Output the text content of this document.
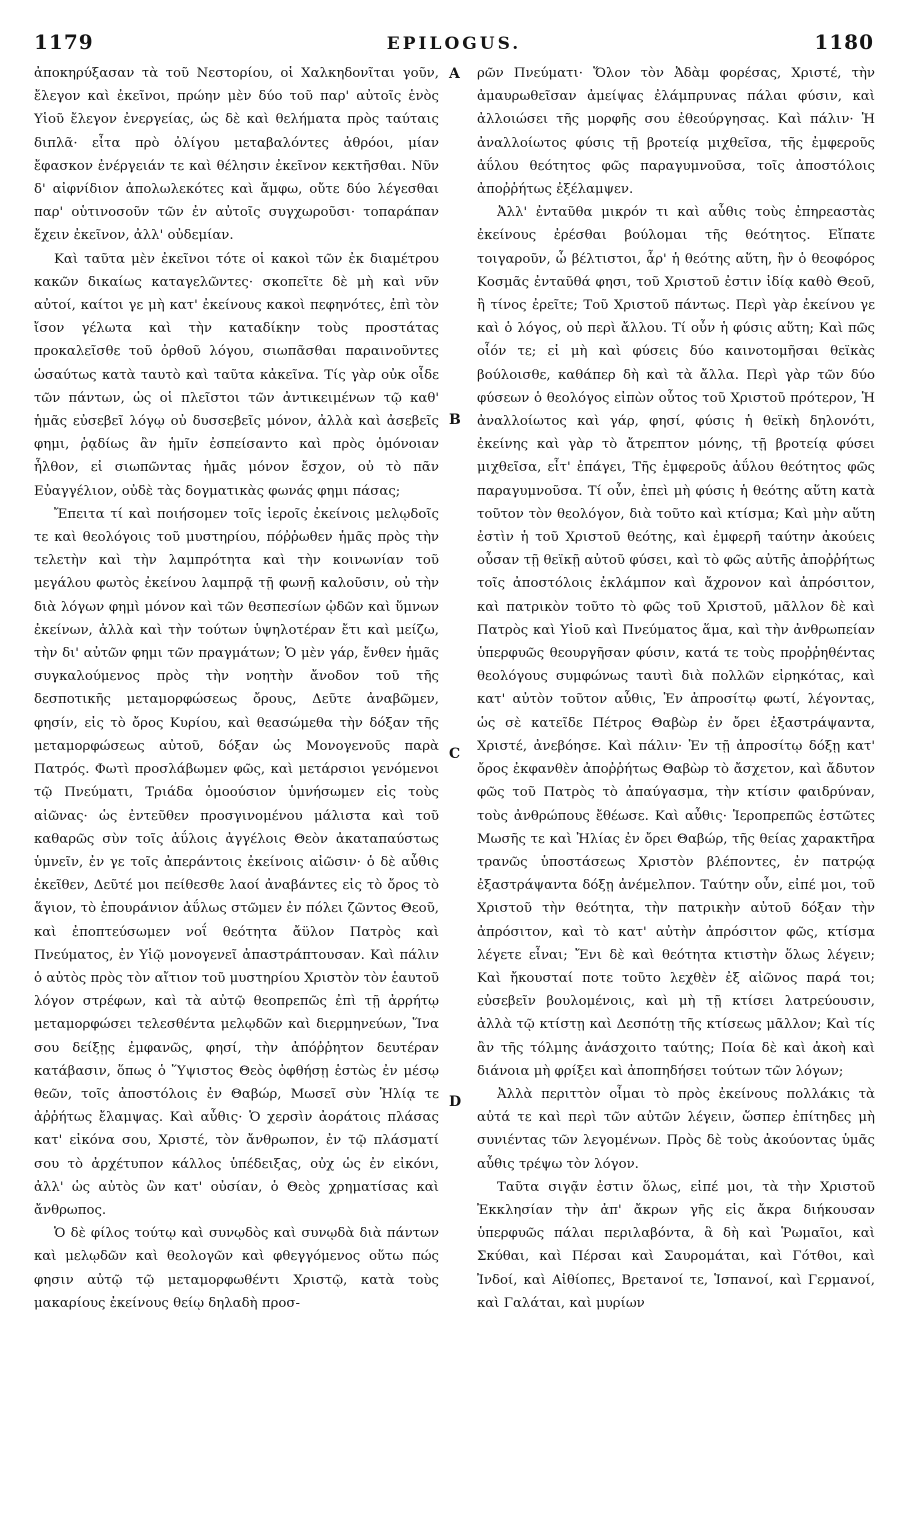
1179	EPILOGUS.	1180

ἀποκηρύξασαν τὰ τοῦ Νεστορίου, οἱ Χαλκηδονῖται γοῦν, ἔλεγον καὶ ἐκεῖνοι, πρώην μὲν δύο τοῦ παρ' αὐτοῖς ἑνὸς Υἱοῦ ἔλεγον ἐνεργείας, ὡς δὲ καὶ θελήματα πρὸς ταύταις διπλᾶ· εἶτα πρὸ ὀλίγου μεταβαλόντες ἀθρόοι, μίαν ἔφασκον ἐνέργειάν τε καὶ θέλησιν ἐκεῖνον κεκτῆσθαι. Νῦν δ' αἰφνίδιον ἀπολωλεκότες καὶ ἄμφω, οὔτε δύο λέγεσθαι παρ' οὑτινοσοῦν τῶν ἐν αὐτοῖς συγχωροῦσι· τοπαράπαν ἔχειν ἐκεῖνον, ἀλλ' οὐδεμίαν.

Καὶ ταῦτα μὲν ἐκεῖνοι τότε οἱ κακοὶ τῶν ἐκ διαμέτρου κακῶν δικαίως καταγελῶντες· σκοπεῖτε δὲ μὴ καὶ νῦν αὐτοί, καίτοι γε μὴ κατ' ἐκείνους κακοὶ πεφηνότες, ἐπὶ τὸν ἴσον γέλωτα καὶ τὴν καταδίκην τοὺς προστάτας προκαλεῖσθε τοῦ ὀρθοῦ λόγου, σιωπᾶσθαι παραινοῦντες ὡσαύτως κατὰ ταυτὸ καὶ ταῦτα κἀκεῖνα. Τίς γὰρ οὐκ οἶδε τῶν πάντων, ὡς οἱ πλεῖστοι τῶν ἀντικειμένων τῷ καθ' ἡμᾶς εὐσεβεῖ λόγῳ οὐ δυσσεβεῖς μόνον, ἀλλὰ καὶ ἀσεβεῖς φημι, ῥᾳδίως ἂν ἡμῖν ἐσπείσαντο καὶ πρὸς ὁμόνοιαν ἧλθον, εἰ σιωπῶντας ἡμᾶς μόνον ἔσχον, οὐ τὸ πᾶν Εὐαγγέλιον, οὐδὲ τὰς δογματικὰς φωνάς φημι πάσας;

Ἔπειτα τί καὶ ποιήσομεν τοῖς ἱεροῖς ἐκείνοις μελῳδοῖς τε καὶ θεολόγοις τοῦ μυστηρίου, πόῤῥωθεν ἡμᾶς πρὸς τὴν τελετὴν καὶ τὴν λαμπρότητα καὶ τὴν κοινωνίαν τοῦ μεγάλου φωτὸς ἐκείνου λαμπρᾷ τῇ φωνῇ καλοῦσιν, οὐ τὴν διὰ λόγων φημὶ μόνον καὶ τῶν θεσπεσίων ᾠδῶν καὶ ὕμνων ἐκείνων, ἀλλὰ καὶ τὴν τούτων ὑψηλοτέραν ἔτι καὶ μείζω, τὴν δι' αὐτῶν φημι τῶν πραγμάτων; Ὁ μὲν γάρ, ἔνθεν ἡμᾶς συγκαλούμενος πρὸς τὴν νοητὴν ἄνοδον τοῦ τῆς δεσποτικῆς μεταμορφώσεως ὄρους, Δεῦτε ἀναβῶμεν, φησίν, εἰς τὸ ὄρος Κυρίου, καὶ θεασώμεθα τὴν δόξαν τῆς μεταμορφώσεως αὐτοῦ, δόξαν ὡς Μονογενοῦς παρὰ Πατρός. Φωτὶ προσλάβωμεν φῶς, καὶ μετάρσιοι γενόμενοι τῷ Πνεύματι, Τριάδα ὁμοούσιον ὑμνήσωμεν εἰς τοὺς αἰῶνας· ὡς ἐντεῦθεν προσγινομένου μάλιστα καὶ τοῦ καθαρῶς σὺν τοῖς ἀΰλοις ἀγγέλοις Θεὸν ἀκαταπαύστως ὑμνεῖν, ἐν γε τοῖς ἀπεράντοις ἐκείνοις αἰῶσιν· ὁ δὲ αὖθις ἐκεῖθεν, Δεῦτέ μοι πείθεσθε λαοί ἀναβάντες εἰς τὸ ὄρος τὸ ἅγιον, τὸ ἐπουράνιον ἀΰλως στῶμεν ἐν πόλει ζῶντος Θεοῦ, καὶ ἐποπτεύσωμεν νοΐ θεότητα ἄϋλον Πατρὸς καὶ Πνεύματος, ἐν Υἱῷ μονογενεῖ ἀπαστράπτουσαν. Καὶ πάλιν ὁ αὐτὸς πρὸς τὸν αἴτιον τοῦ μυστηρίου Χριστὸν τὸν ἑαυτοῦ λόγον στρέφων, καὶ τὰ αὐτῷ θεοπρεπῶς ἐπὶ τῇ ἀρρήτῳ μεταμορφώσει τελεσθέντα μελῳδῶν καὶ διερμηνεύων, Ἵνα σου δείξῃς ἐμφανῶς, φησί, τὴν ἀπόῤῥητον δευτέραν κατάβασιν, ὅπως ὁ Ὕψιστος Θεὸς ὀφθήσῃ ἑστὼς ἐν μέσῳ θεῶν, τοῖς ἀποστόλοις ἐν Θαβώρ, Μωσεῖ σὺν Ἠλίᾳ τε ἀῤῥήτως ἔλαμψας. Καὶ αὖθις· Ὁ χερσὶν ἀοράτοις πλάσας κατ' εἰκόνα σου, Χριστέ, τὸν ἄνθρωπον, ἐν τῷ πλάσματί σου τὸ ἀρχέτυπον κάλλος ὑπέδειξας, οὐχ ὡς ἐν εἰκόνι, ἀλλ' ὡς αὐτὸς ὢν κατ' οὐσίαν, ὁ Θεὸς χρηματίσας καὶ ἄνθρωπος.

Ὁ δὲ φίλος τούτῳ καὶ συνῳδὸς καὶ συνῳδὰ διὰ πάντων καὶ μελῳδῶν καὶ θεολογῶν καὶ φθεγγόμενος οὕτω πώς φησιν αὐτῷ τῷ μεταμορφωθέντι Χριστῷ, κατὰ τοὺς μακαρίους ἐκείνους θείῳ δηλαδὴ προσ-

A
B
C
D

ρῶν Πνεύματι· Ὅλον τὸν Ἀδὰμ φορέσας, Χριστέ, τὴν ἀμαυρωθεῖσαν ἀμείψας ἐλάμπρυνας πάλαι φύσιν, καὶ ἀλλοιώσει τῆς μορφῆς σου ἐθεούργησας. Καὶ πάλιν· Ἡ ἀναλλοίωτος φύσις τῇ βροτείᾳ μιχθεῖσα, τῆς ἐμφεροῦς ἀΰλου θεότητος φῶς παραγυμνοῦσα, τοῖς ἀποστόλοις ἀποῤῥήτως ἐξέλαμψεν.

Ἀλλ' ἐνταῦθα μικρόν τι καὶ αὖθις τοὺς ἐπηρεαστὰς ἐκείνους ἐρέσθαι βούλομαι τῆς θεότητος. Εἴπατε τοιγαροῦν, ὦ βέλτιστοι, ἆρ' ἡ θεότης αὕτη, ἣν ὁ θεοφόρος Κοσμᾶς ἐνταῦθά φησι, τοῦ Χριστοῦ ἐστιν ἰδίᾳ καθὸ Θεοῦ, ἢ τίνος ἐρεῖτε; Τοῦ Χριστοῦ πάντως. Περὶ γὰρ ἐκείνου γε καὶ ὁ λόγος, οὐ περὶ ἄλλου. Τί οὖν ἡ φύσις αὕτη; Καὶ πῶς οἷόν τε; εἰ μὴ καὶ φύσεις δύο καινοτομῆσαι θεϊκὰς βούλοισθε, καθάπερ δὴ καὶ τὰ ἄλλα. Περὶ γὰρ τῶν δύο φύσεων ὁ θεολόγος εἰπὼν οὗτος τοῦ Χριστοῦ πρότερον, Ἡ ἀναλλοίωτος καὶ γάρ, φησί, φύσις ἡ θεϊκὴ δηλονότι, ἐκείνης καὶ γὰρ τὸ ἄτρεπτον μόνης, τῇ βροτείᾳ φύσει μιχθεῖσα, εἶτ' ἐπάγει, Τῆς ἐμφεροῦς ἀΰλου θεότητος φῶς παραγυμνοῦσα. Τί οὖν, ἐπεὶ μὴ φύσις ἡ θεότης αὕτη κατὰ τοῦτον τὸν θεολόγον, διὰ τοῦτο καὶ κτίσμα; Καὶ μὴν αὕτη ἐστὶν ἡ τοῦ Χριστοῦ θεότης, καὶ ἐμφερῆ ταύτην ἀκούεις οὖσαν τῇ θεϊκῇ αὐτοῦ φύσει, καὶ τὸ φῶς αὐτῆς ἀποῤῥήτως τοῖς ἀποστόλοις ἐκλάμπον καὶ ἄχρονον καὶ ἀπρόσιτον, καὶ πατρικὸν τοῦτο τὸ φῶς τοῦ Χριστοῦ, μᾶλλον δὲ καὶ Πατρὸς καὶ Υἱοῦ καὶ Πνεύματος ἅμα, καὶ τὴν ἀνθρωπείαν ὑπερφυῶς θεουργῆσαν φύσιν, κατά τε τοὺς προῤῥηθέντας θεολόγους συμφώνως ταυτὶ διὰ πολλῶν εἰρηκότας, καὶ κατ' αὐτὸν τοῦτον αὖθις, Ἐν ἀπροσίτῳ φωτί, λέγοντας, ὡς σὲ κατεῖδε Πέτρος Θαβὼρ ἐν ὄρει ἐξαστράψαντα, Χριστέ, ἀνεβόησε. Καὶ πάλιν· Ἐν τῇ ἀπροσίτῳ δόξῃ κατ' ὄρος ἐκφανθὲν ἀποῤῥήτως Θαβὼρ τὸ ἄσχετον, καὶ ἄδυτον φῶς τοῦ Πατρὸς τὸ ἀπαύγασμα, τὴν κτίσιν φαιδρύναν, τοὺς ἀνθρώπους ἔθέωσε. Καὶ αὖθις· Ἱεροπρεπῶς ἑστῶτες Μωσῆς τε καὶ Ἠλίας ἐν ὄρει Θαβώρ, τῆς θείας χαρακτῆρα τρανῶς ὑποστάσεως Χριστὸν βλέποντες, ἐν πατρῴᾳ ἐξαστράψαντα δόξῃ ἀνέμελπον. Ταύτην οὖν, εἰπέ μοι, τοῦ Χριστοῦ τὴν θεότητα, τὴν πατρικὴν αὐτοῦ δόξαν τὴν ἀπρόσιτον, καὶ τὸ κατ' αὐτὴν ἀπρόσιτον φῶς, κτίσμα λέγετε εἶναι; Ἔνι δὲ καὶ θεότητα κτιστὴν ὅλως λέγειν; Καὶ ἤκουσταί ποτε τοῦτο λεχθὲν ἐξ αἰῶνος παρά τοι; εὐσεβεῖν βουλομένοις, καὶ μὴ τῇ κτίσει λατρεύουσιν, ἀλλὰ τῷ κτίστῃ καὶ Δεσπότῃ τῆς κτίσεως μᾶλλον; Καὶ τίς ἂν τῆς τόλμης ἀνάσχοιτο ταύτης; Ποία δὲ καὶ ἀκοὴ καὶ διάνοια μὴ φρίξει καὶ ἀποπηδήσει τούτων τῶν λόγων;

Ἀλλὰ περιττὸν οἶμαι τὸ πρὸς ἐκείνους πολλάκις τὰ αὐτά τε καὶ περὶ τῶν αὐτῶν λέγειν, ὥσπερ ἐπίτηδες μὴ συνιέντας τῶν λεγομένων. Πρὸς δὲ τοὺς ἀκούοντας ὑμᾶς αὖθις τρέψω τὸν λόγον.

Ταῦτα σιγᾷν ἐστιν ὅλως, εἰπέ μοι, τὰ τὴν Χριστοῦ Ἐκκλησίαν τὴν ἀπ' ἄκρων γῆς εἰς ἄκρα διήκουσαν ὑπερφυῶς πάλαι περιλαβόντα, ἃ δὴ καὶ Ῥωμαῖοι, καὶ Σκύθαι, καὶ Πέρσαι καὶ Σαυρομάται, καὶ Γότθοι, καὶ Ἰνδοί, καὶ Αἰθίοπες, Βρετανοί τε, Ἱσπανοί, καὶ Γερμανοί, καὶ Γαλάται, καὶ μυρίων
